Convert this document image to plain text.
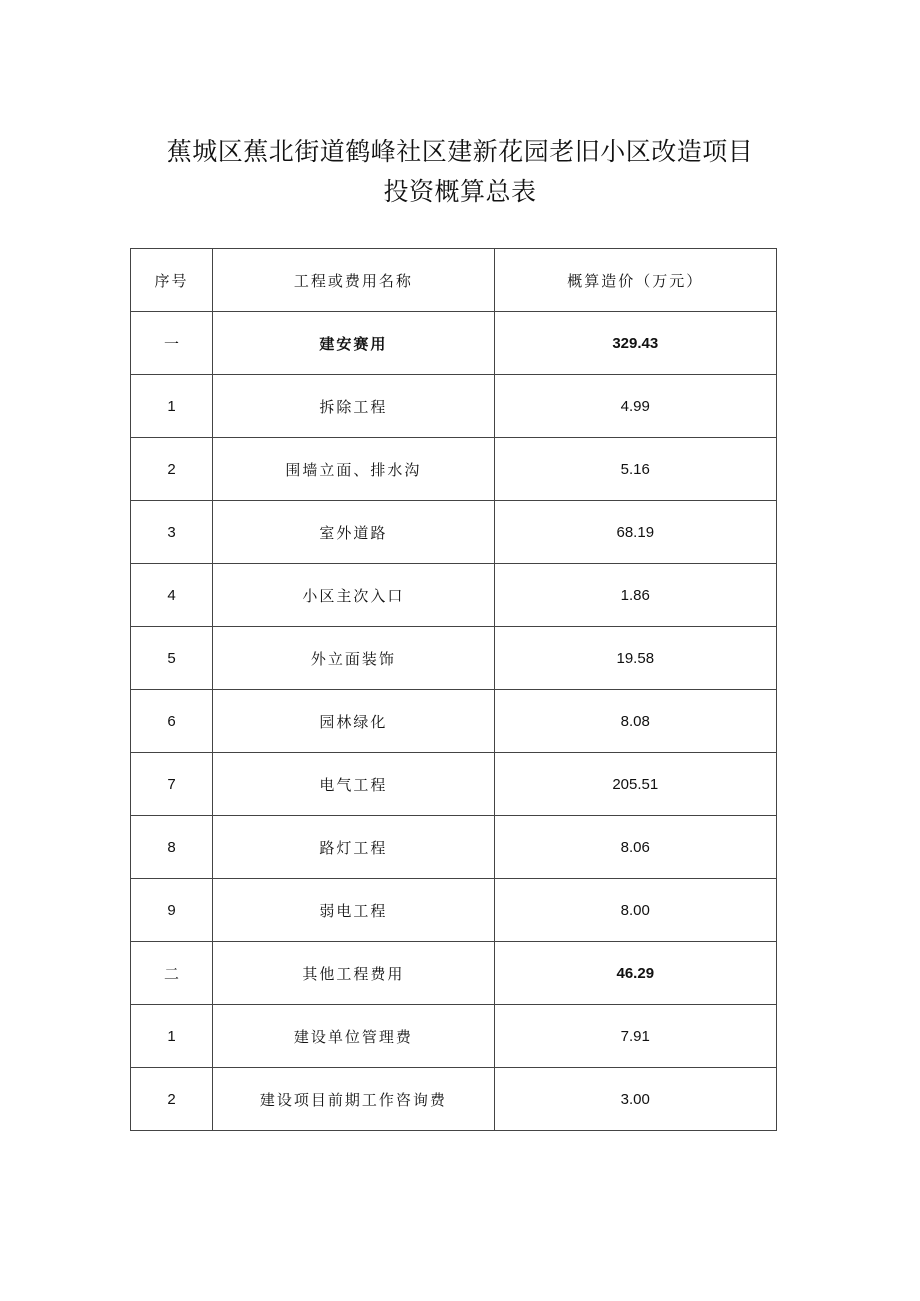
蕉城区蕉北街道鹤峰社区建新花园老旧小区改造项目
投资概算总表
序号	工程或费用名称	概算造价（万元）
一	建安赛用	329.43
1	拆除工程	4.99
2	围墙立面、排水沟	5.16
3	室外道路	68.19
4	小区主次入口	1.86
5	外立面装饰	19.58
6	园林绿化	8.08
7	电气工程	205.51
8	路灯工程	8.06
9	弱电工程	8.00
二	其他工程费用	46.29
1	建设单位管理费	7.91
2	建设项目前期工作咨询费	3.00
